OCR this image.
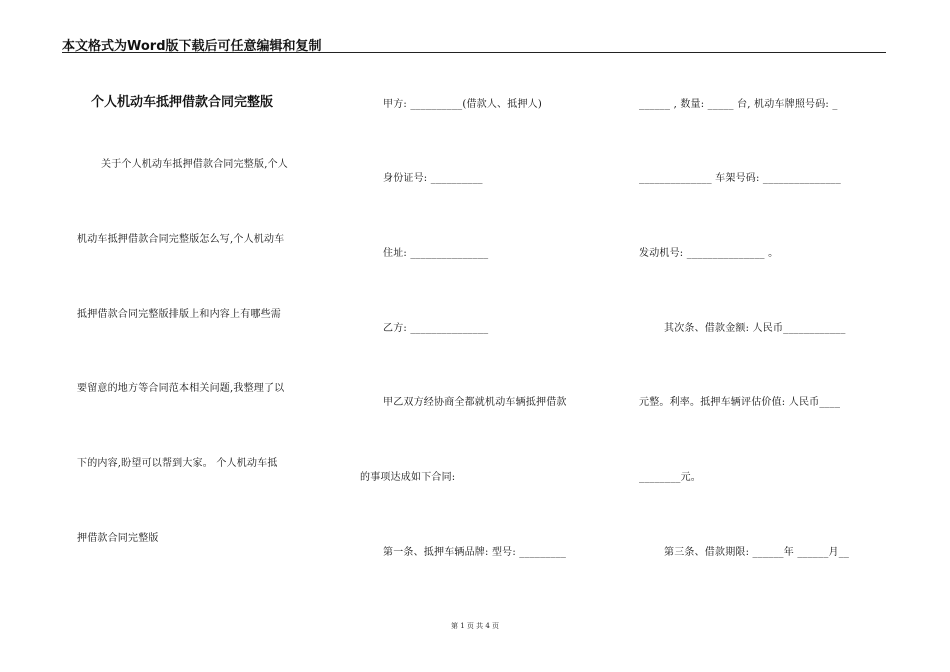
本文格式为Word版下载后可任意编辑和复制
个人机动车抵押借款合同完整版
关于个人机动车抵押借款合同完整版,个人
机动车抵押借款合同完整版怎么写,个人机动车
抵押借款合同完整版排版上和内容上有哪些需
要留意的地方等合同范本相关问题,我整理了以
下的内容,盼望可以帮到大家。 个人机动车抵
押借款合同完整版
甲方: __________(借款人、抵押人)
身份证号: __________
住址: _______________
乙方: _______________
甲乙双方经协商全都就机动车辆抵押借款
的事项达成如下合同:
第一条、抵押车辆品牌: 型号: _________
______ , 数量: _____ 台, 机动车牌照号码: _
______________ 车架号码: _______________
发动机号: _______________ 。
其次条、借款金额: 人民币____________
元整。利率。抵押车辆评估价值: 人民币____
________元。
第三条、借款期限: ______年 ______月__
第 1 页 共 4 页
